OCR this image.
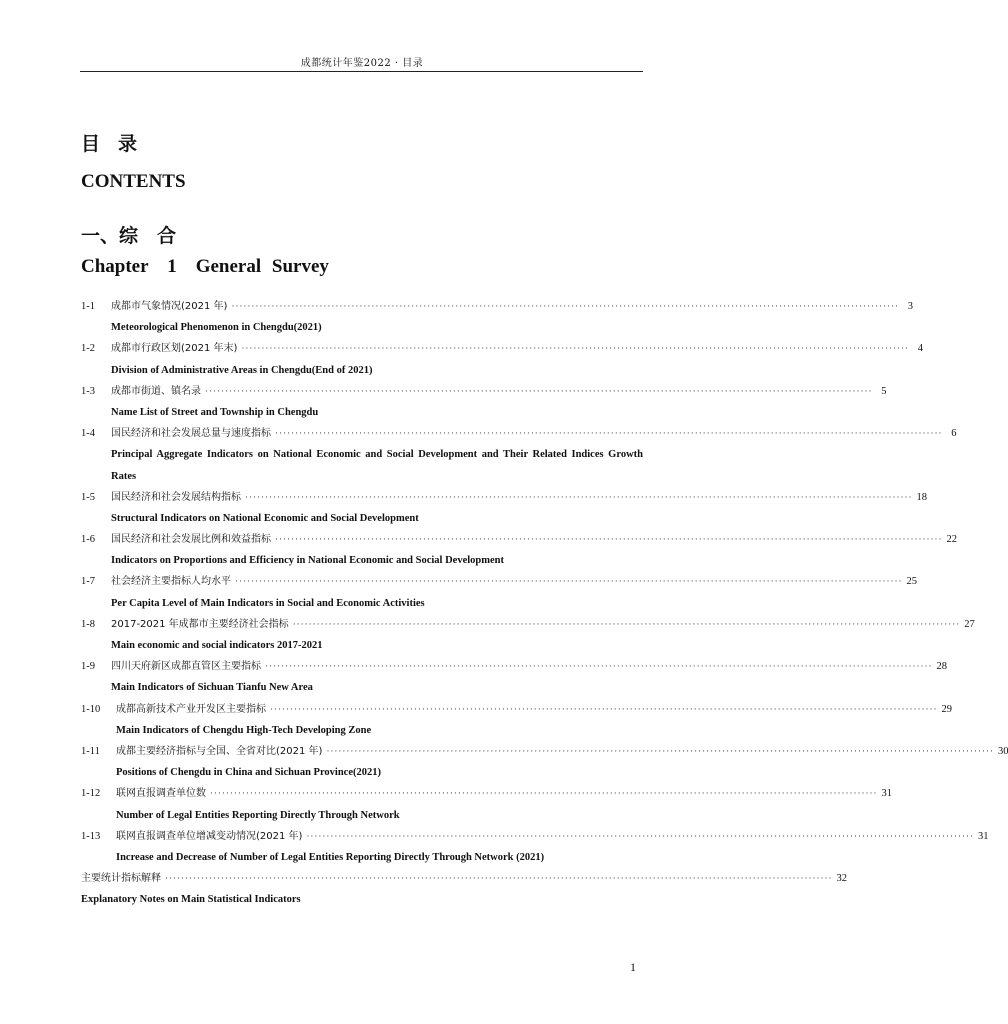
成都统计年鉴2022 · 目录
目 录
CONTENTS
一、综　合
Chapter　1　General Survey
1-1	成都市气象情况(2021 年) ······································································································································································· 3
Meteorological Phenomenon in Chengdu(2021)
1-2	成都市行政区划(2021 年末) ······································································································································································· 4
Division of Administrative Areas in Chengdu(End of 2021)
1-3	成都市街道、镇名录 ······································································································································································· 5
Name List of Street and Township in Chengdu
1-4	国民经济和社会发展总量与速度指标 ······································································································································································· 6
Principal Aggregate Indicators on National Economic and Social Development and Their Related Indices Growth Rates
1-5	国民经济和社会发展结构指标 ······································································································································································· 18
Structural Indicators on National Economic and Social Development
1-6	国民经济和社会发展比例和效益指标 ······································································································································································· 22
Indicators on Proportions and Efficiency in National Economic and Social Development
1-7	社会经济主要指标人均水平 ······································································································································································· 25
Per Capita Level of Main Indicators in Social and Economic Activities
1-8	2017-2021 年成都市主要经济社会指标 ······································································································································································· 27
Main economic and social indicators 2017-2021
1-9	四川天府新区成都直管区主要指标 ······································································································································································· 28
Main Indicators of Sichuan Tianfu New Area
1-10	成都高新技术产业开发区主要指标 ······································································································································································· 29
Main Indicators of Chengdu High-Tech Developing Zone
1-11	成都主要经济指标与全国、全省对比(2021 年) ······································································································································································· 30
Positions of Chengdu in China and Sichuan Province(2021)
1-12	联网直报调查单位数 ······································································································································································· 31
Number of Legal Entities Reporting Directly Through Network
1-13	联网直报调查单位增减变动情况(2021 年) ······································································································································································· 31
Increase and Decrease of Number of Legal Entities Reporting Directly Through Network (2021)
主要统计指标解释 ······································································································································································· 32
Explanatory Notes on Main Statistical Indicators
1
